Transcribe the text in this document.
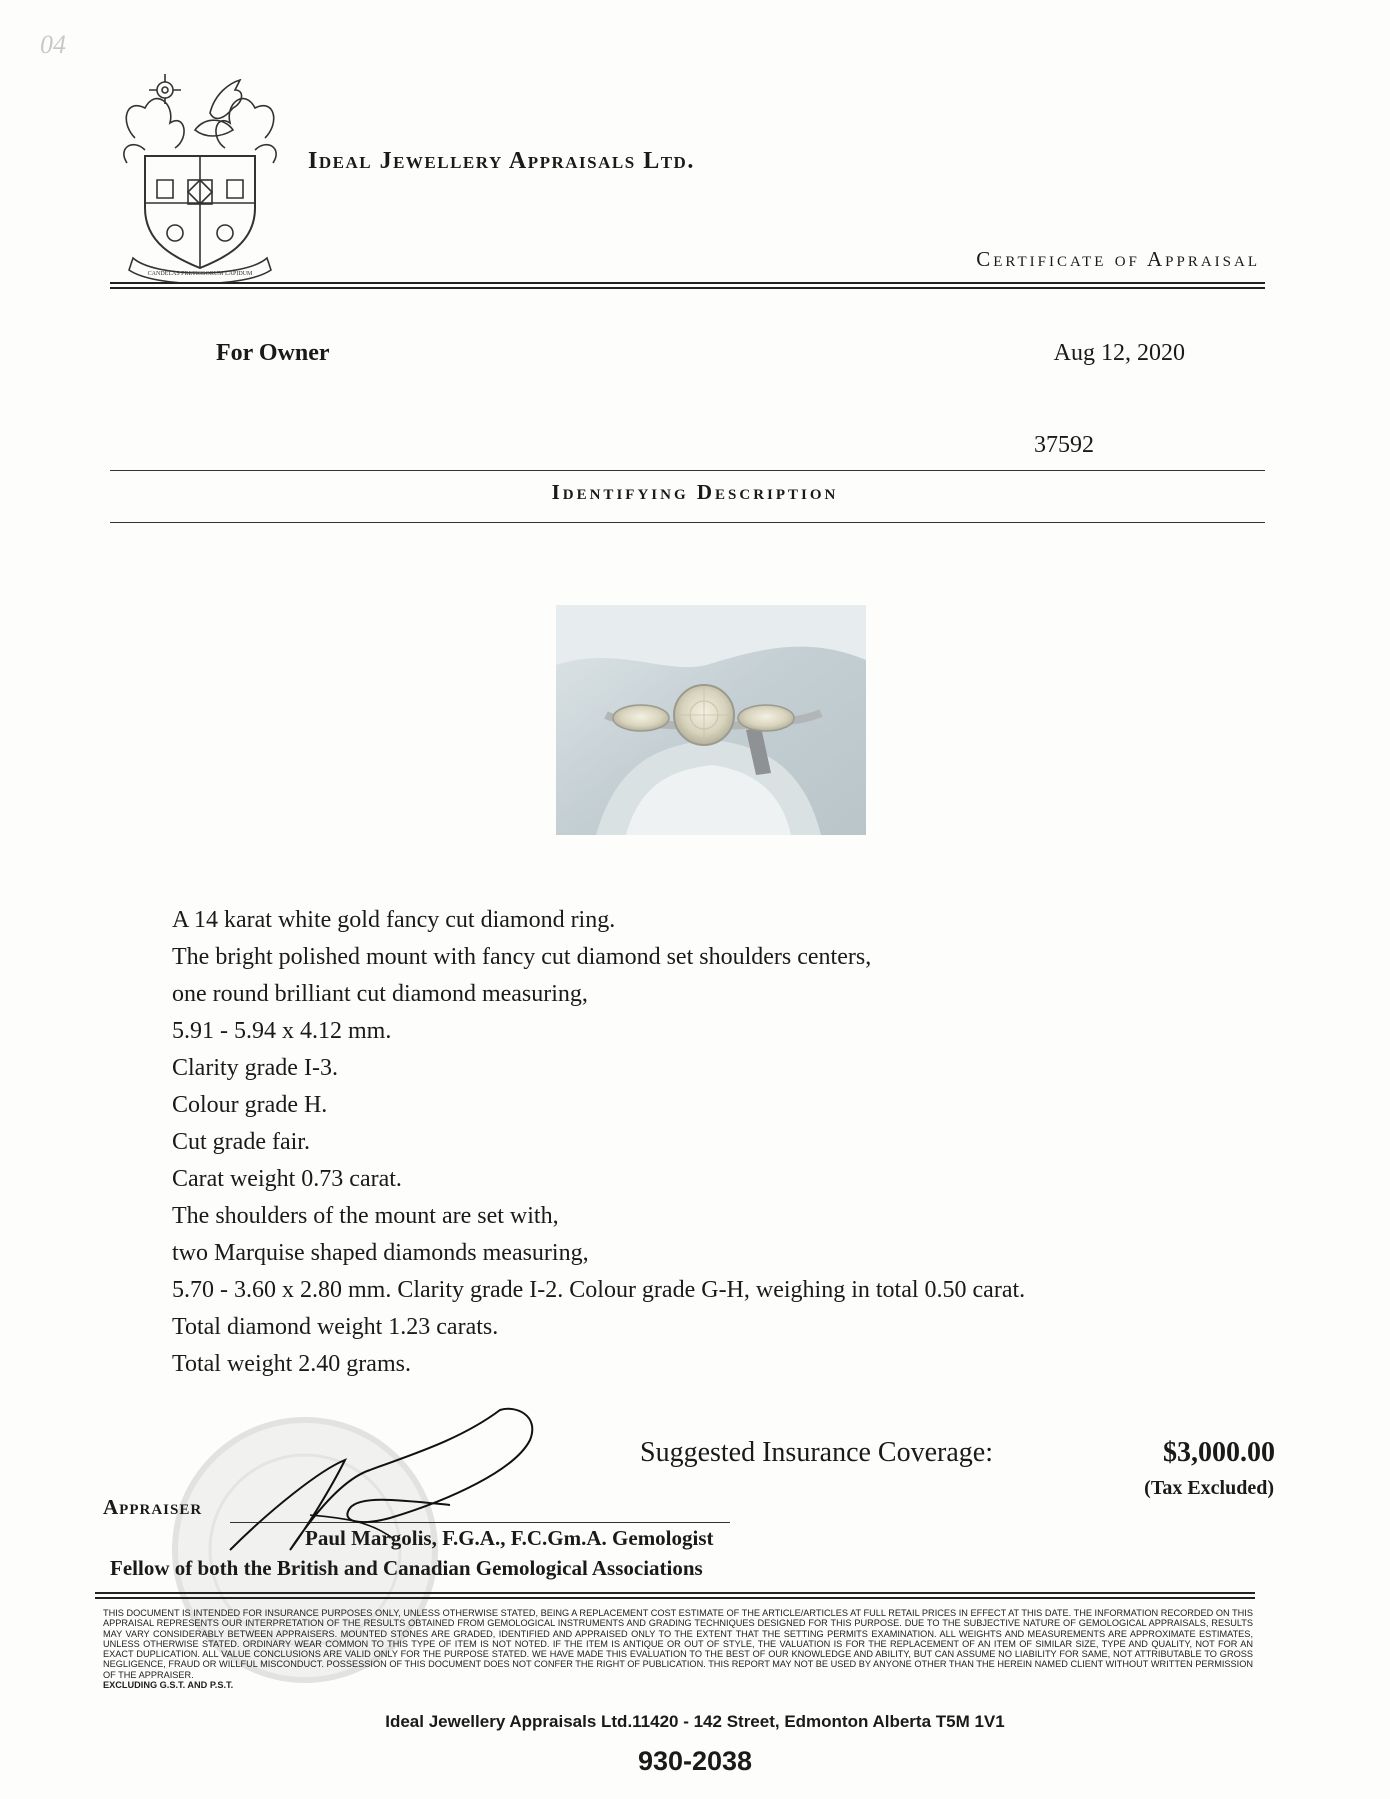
04
CANDELAS PRETIOSORUM LAPIDUM
Ideal Jewellery Appraisals Ltd.
Certificate of Appraisal
For Owner	Aug 12, 2020
37592
Identifying Description
A 14 karat white gold fancy cut diamond ring.
The bright polished mount with fancy cut diamond set shoulders centers,
one round brilliant cut diamond measuring,
5.91 - 5.94 x 4.12 mm.
Clarity grade I-3.
Colour grade H.
Cut grade fair.
Carat weight 0.73 carat.
The shoulders of the mount are set with,
two Marquise shaped diamonds measuring,
5.70 - 3.60 x 2.80 mm. Clarity grade I-2. Colour grade G-H, weighing in total 0.50 carat.
Total diamond weight 1.23 carats.
Total weight 2.40 grams.
Suggested Insurance Coverage:	$3,000.00
(Tax Excluded)
Appraiser
Paul Margolis, F.G.A., F.C.Gm.A. Gemologist
Fellow of both the British and Canadian Gemological Associations
THIS DOCUMENT IS INTENDED FOR INSURANCE PURPOSES ONLY, UNLESS OTHERWISE STATED, BEING A REPLACEMENT COST ESTIMATE OF THE ARTICLE/ARTICLES AT FULL RETAIL PRICES IN EFFECT AT THIS DATE. THE INFORMATION RECORDED ON THIS APPRAISAL REPRESENTS OUR INTERPRETATION OF THE RESULTS OBTAINED FROM GEMOLOGICAL INSTRUMENTS AND GRADING TECHNIQUES DESIGNED FOR THIS PURPOSE. DUE TO THE SUBJECTIVE NATURE OF GEMOLOGICAL APPRAISALS, RESULTS MAY VARY CONSIDERABLY BETWEEN APPRAISERS. MOUNTED STONES ARE GRADED, IDENTIFIED AND APPRAISED ONLY TO THE EXTENT THAT THE SETTING PERMITS EXAMINATION. ALL WEIGHTS AND MEASUREMENTS ARE APPROXIMATE ESTIMATES, UNLESS OTHERWISE STATED. ORDINARY WEAR COMMON TO THIS TYPE OF ITEM IS NOT NOTED. IF THE ITEM IS ANTIQUE OR OUT OF STYLE, THE VALUATION IS FOR THE REPLACEMENT OF AN ITEM OF SIMILAR SIZE, TYPE AND QUALITY, NOT FOR AN EXACT DUPLICATION. ALL VALUE CONCLUSIONS ARE VALID ONLY FOR THE PURPOSE STATED. WE HAVE MADE THIS EVALUATION TO THE BEST OF OUR KNOWLEDGE AND ABILITY, BUT CAN ASSUME NO LIABILITY FOR SAME, NOT ATTRIBUTABLE TO GROSS NEGLIGENCE, FRAUD OR WILLFUL MISCONDUCT. POSSESSION OF THIS DOCUMENT DOES NOT CONFER THE RIGHT OF PUBLICATION. THIS REPORT MAY NOT BE USED BY ANYONE OTHER THAN THE HEREIN NAMED CLIENT WITHOUT WRITTEN PERMISSION OF THE APPRAISER.
EXCLUDING G.S.T. AND P.S.T.
Ideal Jewellery Appraisals Ltd.11420 - 142 Street, Edmonton Alberta T5M 1V1
930-2038
